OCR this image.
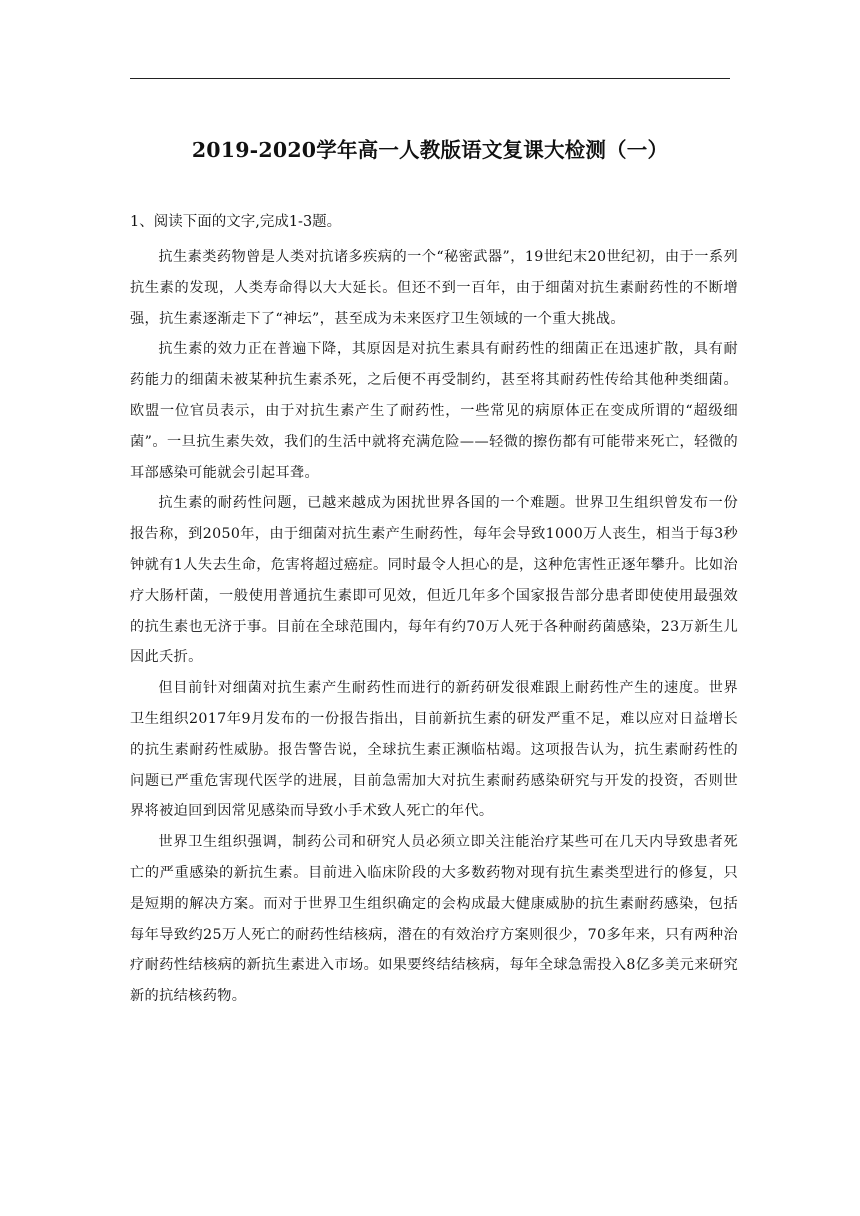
2019-2020学年高一人教版语文复课大检测（一）

1、阅读下面的文字,完成1-3题。

抗生素类药物曾是人类对抗诸多疾病的一个“秘密武器”，19世纪末20世纪初，由于一系列抗生素的发现，人类寿命得以大大延长。但还不到一百年，由于细菌对抗生素耐药性的不断增强，抗生素逐渐走下了“神坛”，甚至成为未来医疗卫生领域的一个重大挑战。

抗生素的效力正在普遍下降，其原因是对抗生素具有耐药性的细菌正在迅速扩散，具有耐药能力的细菌未被某种抗生素杀死，之后便不再受制约，甚至将其耐药性传给其他种类细菌。欧盟一位官员表示，由于对抗生素产生了耐药性，一些常见的病原体正在变成所谓的“超级细菌”。一旦抗生素失效，我们的生活中就将充满危险——轻微的擦伤都有可能带来死亡，轻微的耳部感染可能就会引起耳聋。

抗生素的耐药性问题，已越来越成为困扰世界各国的一个难题。世界卫生组织曾发布一份报告称，到2050年，由于细菌对抗生素产生耐药性，每年会导致1000万人丧生，相当于每3秒钟就有1人失去生命，危害将超过癌症。同时最令人担心的是，这种危害性正逐年攀升。比如治疗大肠杆菌，一般使用普通抗生素即可见效，但近几年多个国家报告部分患者即使使用最强效的抗生素也无济于事。目前在全球范围内，每年有约70万人死于各种耐药菌感染，23万新生儿因此夭折。

但目前针对细菌对抗生素产生耐药性而进行的新药研发很难跟上耐药性产生的速度。世界卫生组织2017年9月发布的一份报告指出，目前新抗生素的研发严重不足，难以应对日益增长的抗生素耐药性威胁。报告警告说，全球抗生素正濒临枯竭。这项报告认为，抗生素耐药性的问题已严重危害现代医学的进展，目前急需加大对抗生素耐药感染研究与开发的投资，否则世界将被迫回到因常见感染而导致小手术致人死亡的年代。

世界卫生组织强调，制药公司和研究人员必须立即关注能治疗某些可在几天内导致患者死亡的严重感染的新抗生素。目前进入临床阶段的大多数药物对现有抗生素类型进行的修复，只是短期的解决方案。而对于世界卫生组织确定的会构成最大健康威胁的抗生素耐药感染，包括每年导致约25万人死亡的耐药性结核病，潜在的有效治疗方案则很少，70多年来，只有两种治疗耐药性结核病的新抗生素进入市场。如果要终结结核病，每年全球急需投入8亿多美元来研究新的抗结核药物。
